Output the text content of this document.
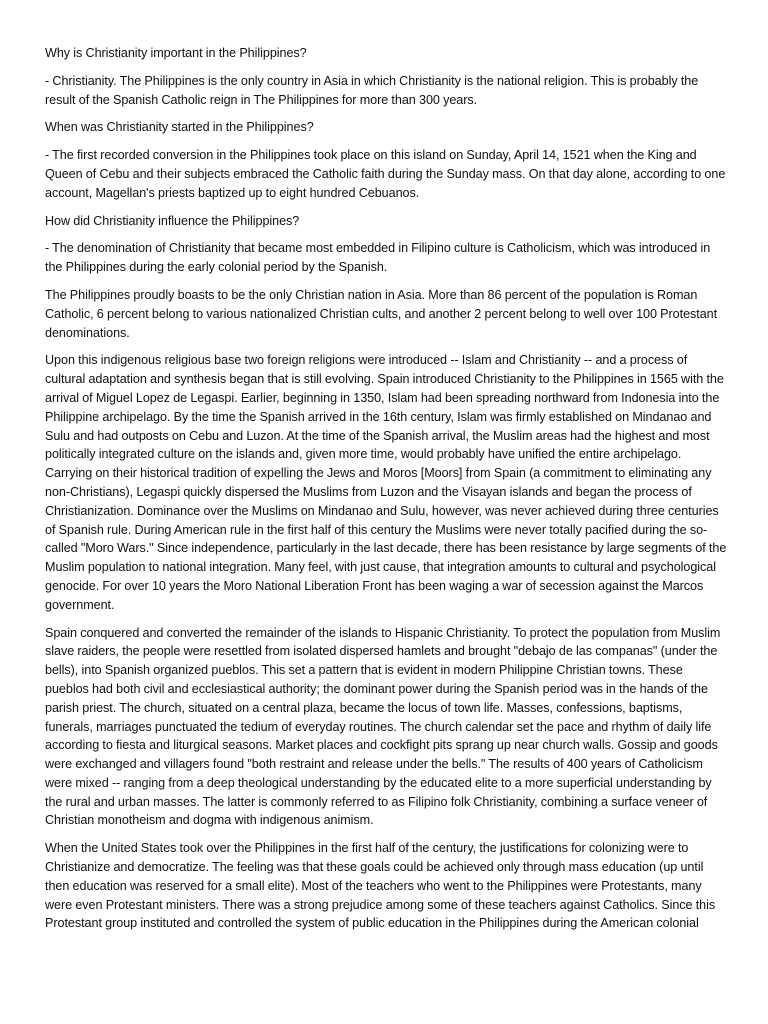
Why is Christianity important in the Philippines?

- Christianity. The Philippines is the only country in Asia in which Christianity is the national religion. This is probably the result of the Spanish Catholic reign in The Philippines for more than 300 years.

When was Christianity started in the Philippines?

- The first recorded conversion in the Philippines took place on this island on Sunday, April 14, 1521 when the King and Queen of Cebu and their subjects embraced the Catholic faith during the Sunday mass. On that day alone, according to one account, Magellan's priests baptized up to eight hundred Cebuanos.

How did Christianity influence the Philippines?

- The denomination of Christianity that became most embedded in Filipino culture is Catholicism, which was introduced in the Philippines during the early colonial period by the Spanish.

The Philippines proudly boasts to be the only Christian nation in Asia. More than 86 percent of the population is Roman Catholic, 6 percent belong to various nationalized Christian cults, and another 2 percent belong to well over 100 Protestant denominations.

Upon this indigenous religious base two foreign religions were introduced -- Islam and Christianity -- and a process of cultural adaptation and synthesis began that is still evolving. Spain introduced Christianity to the Philippines in 1565 with the arrival of Miguel Lopez de Legaspi. Earlier, beginning in 1350, Islam had been spreading northward from Indonesia into the Philippine archipelago. By the time the Spanish arrived in the 16th century, Islam was firmly established on Mindanao and Sulu and had outposts on Cebu and Luzon. At the time of the Spanish arrival, the Muslim areas had the highest and most politically integrated culture on the islands and, given more time, would probably have unified the entire archipelago. Carrying on their historical tradition of expelling the Jews and Moros [Moors] from Spain (a commitment to eliminating any non-Christians), Legaspi quickly dispersed the Muslims from Luzon and the Visayan islands and began the process of Christianization. Dominance over the Muslims on Mindanao and Sulu, however, was never achieved during three centuries of Spanish rule. During American rule in the first half of this century the Muslims were never totally pacified during the so-called "Moro Wars." Since independence, particularly in the last decade, there has been resistance by large segments of the Muslim population to national integration. Many feel, with just cause, that integration amounts to cultural and psychological genocide. For over 10 years the Moro National Liberation Front has been waging a war of secession against the Marcos government.

Spain conquered and converted the remainder of the islands to Hispanic Christianity. To protect the population from Muslim slave raiders, the people were resettled from isolated dispersed hamlets and brought "debajo de las companas" (under the bells), into Spanish organized pueblos. This set a pattern that is evident in modern Philippine Christian towns. These pueblos had both civil and ecclesiastical authority; the dominant power during the Spanish period was in the hands of the parish priest. The church, situated on a central plaza, became the locus of town life. Masses, confessions, baptisms, funerals, marriages punctuated the tedium of everyday routines. The church calendar set the pace and rhythm of daily life according to fiesta and liturgical seasons. Market places and cockfight pits sprang up near church walls. Gossip and goods were exchanged and villagers found "both restraint and release under the bells." The results of 400 years of Catholicism were mixed -- ranging from a deep theological understanding by the educated elite to a more superficial understanding by the rural and urban masses. The latter is commonly referred to as Filipino folk Christianity, combining a surface veneer of Christian monotheism and dogma with indigenous animism.

When the United States took over the Philippines in the first half of the century, the justifications for colonizing were to Christianize and democratize. The feeling was that these goals could be achieved only through mass education (up until then education was reserved for a small elite). Most of the teachers who went to the Philippines were Protestants, many were even Protestant ministers. There was a strong prejudice among some of these teachers against Catholics. Since this Protestant group instituted and controlled the system of public education in the Philippines during the American colonial
